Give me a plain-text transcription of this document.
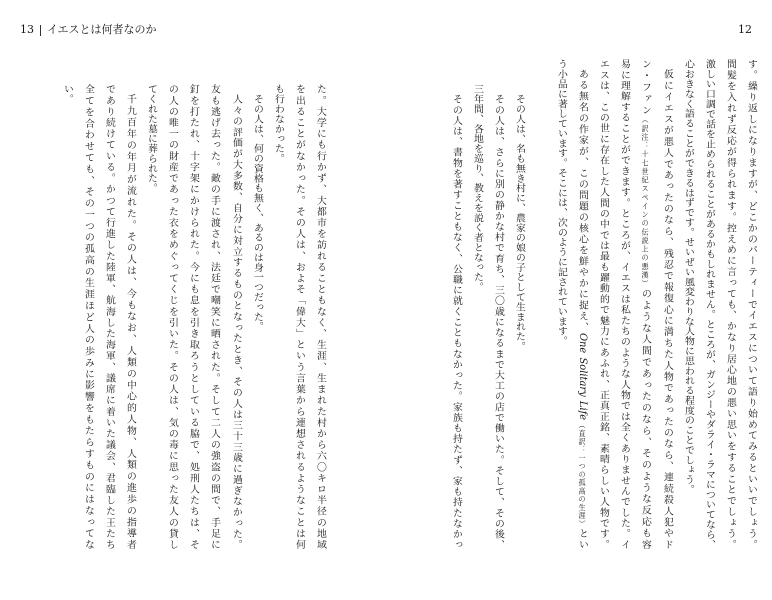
13 イエスとは何者なのか	12
す。繰り返しになりますが、どこかのパーティーでイエスについて語り始めてみるといいでしょう。
間髪を入れず反応が得られます。控えめに言っても、かなり居心地の悪い思いをすることでしょう。
激しい口調で話を止められることがあるかもしれません。ところが、ガンジーやダライ・ラマについてなら、
心おきなく語ることができるはずです。せいぜい風変わりな人物に思われる程度のことでしょう。
仮にイエスが悪人であったのなら、残忍で報復心に満ちた人物であったのなら、連続殺人犯やド
ン・ファン（訳注：十七世紀スペインの伝説上の悪漢）のような人間であったのなら、そのような反応も容
易に理解することができます。ところが、イエスは私たちのような人物では全くありませんでした。イ
エスは、この世に存在した人間の中では最も躍動的で魅力にあふれ、正真正銘、素晴らしい人物です。
ある無名の作家が、この問題の核心を鮮やかに捉え、One Solitary Life（直訳：一つの孤高の生涯）とい
う小品に著しています。そこには、次のように記されています。
その人は、名も無き村に、農家の娘の子として生まれた。
その人は、さらに別の静かな村で育ち、三〇歳になるまで大工の店で働いた。そして、その後、
三年間、各地を巡り、教えを説く者となった。
その人は、書物を著すこともなく、公職に就くこともなかった。家族も持たず、家も持たなかっ
た。大学にも行かず、大都市を訪れることもなく、生涯、生まれた村から六〇キロ半径の地域
を出ることがなかった。その人は、およそ「偉大」という言葉から連想されるようなことは何
も行わなかった。
その人は、何の資格も無く、あるのは身一つだった。
人々の評価が大多数、自分に対立するものとなったとき、その人は三十三歳に過ぎなかった。
友も逃げ去った。敵の手に渡され、法廷で嘲笑に晒された。そして二人の強盗の間で、手足に
釘を打たれ、十字架にかけられた。今にも息を引き取ろうとしている脇で、処刑人たちは、そ
の人の唯一の財産であった衣をめぐってくじを引いた。その人は、気の毒に思った友人の貸し
てくれた墓に葬られた。
千九百年の年月が流れた。その人は、今もなお、人類の中心的人物、人類の進歩の指導者
であり続けている。かつて行進した陸軍、航海した海軍、議席に着いた議会、君臨した王たち
全てを合わせても、その一つの孤高の生涯ほど人の歩みに影響をもたらすものにはなってな
い。
